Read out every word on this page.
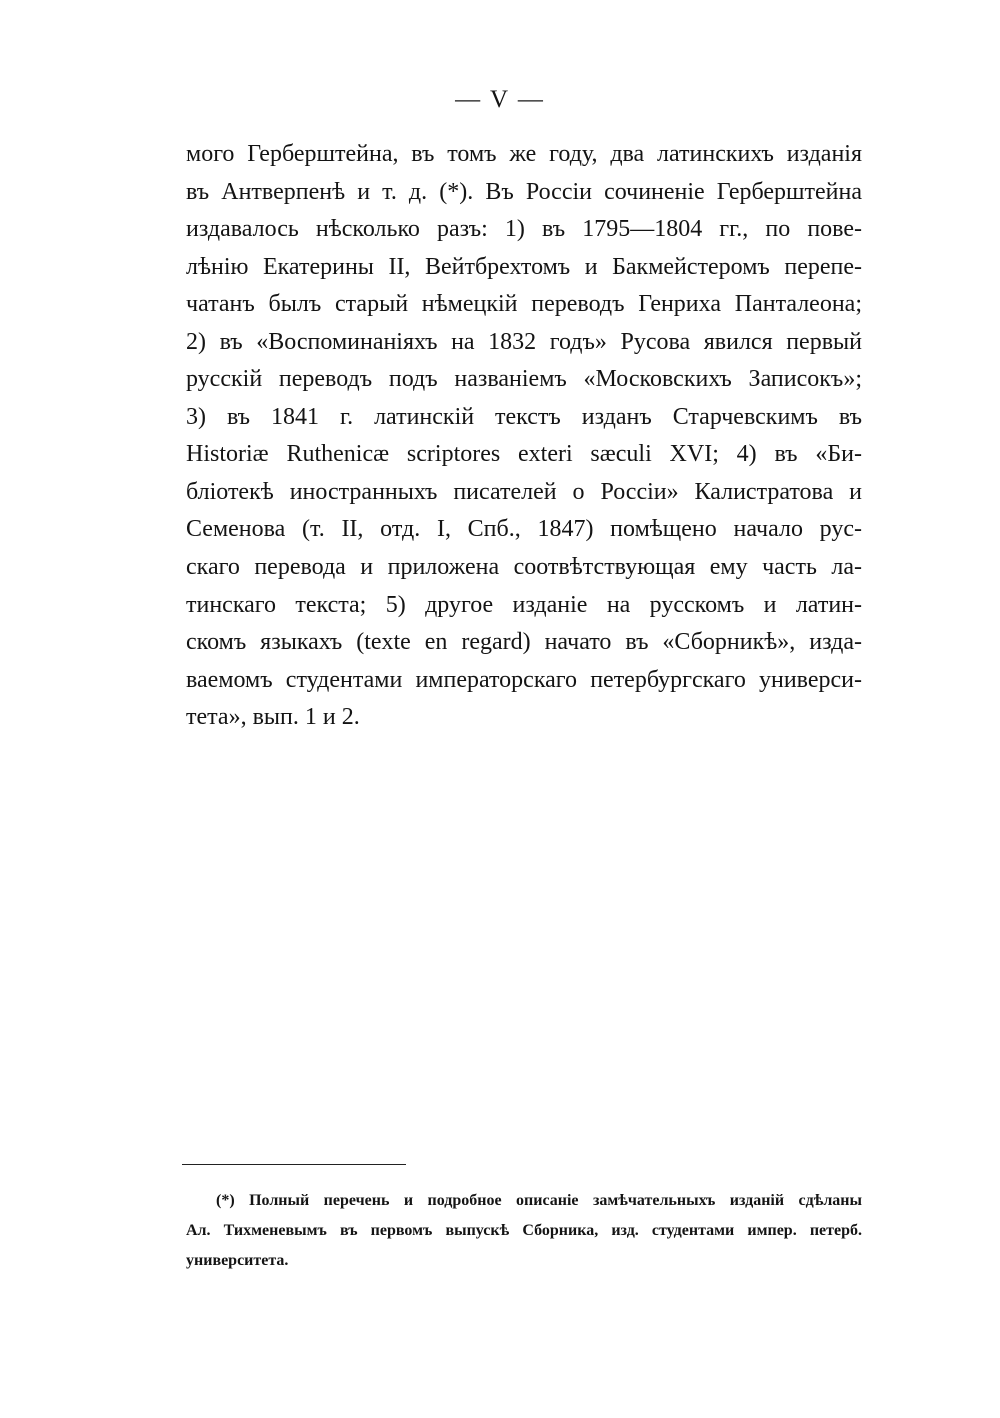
— V —
мого Герберштейна, въ томъ же году, два латинскихъ изданія
въ Антверпенѣ и т. д. (*). Въ Россіи сочиненіе Герберштейна
издавалось нѣсколько разъ: 1) въ 1795—1804 гг., по пове-
лѣнію Екатерины II, Вейтбрехтомъ и Бакмейстеромъ перепе-
чатанъ былъ старый нѣмецкій переводъ Генриха Панталеона;
2) въ «Воспоминаніяхъ на 1832 годъ» Русова явился первый
русскій переводъ подъ названіемъ «Московскихъ Записокъ»;
3) въ 1841 г. латинскій текстъ изданъ Старчевскимъ въ
Historiæ Ruthenicæ scriptores exteri sæculi XVI; 4) въ «Би-
бліотекѣ иностранныхъ писателей о Россіи» Калистратова и
Семенова (т. II, отд. I, Спб., 1847) помѣщено начало рус-
скаго перевода и приложена соотвѣтствующая ему часть ла-
тинскаго текста; 5) другое изданіе на русскомъ и латин-
скомъ языкахъ (texte en regard) начато въ «Сборникѣ», изда-
ваемомъ студентами императорскаго петербургскаго универси-
тета», вып. 1 и 2.
(*) Полный перечень и подробное описаніе замѣчательныхъ изданій сдѣланы
Ал. Тихменевымъ въ первомъ выпускѣ Сборника, изд. студентами импер. петерб.
университета.
